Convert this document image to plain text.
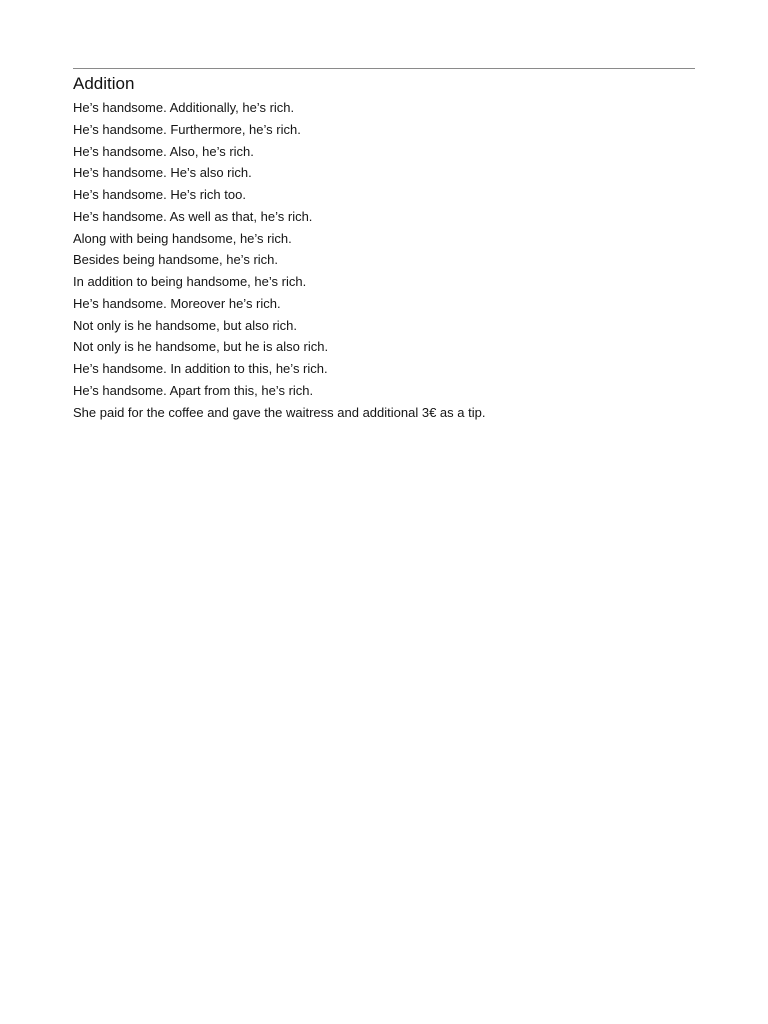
Addition
He’s handsome. Additionally, he’s rich.
He’s handsome. Furthermore, he’s rich.
He’s handsome. Also, he’s rich.
He’s handsome. He’s also rich.
He’s handsome. He’s rich too.
He’s handsome. As well as that, he’s rich.
Along with being handsome, he’s rich.
Besides being handsome, he’s rich.
In addition to being handsome, he’s rich.
He’s handsome. Moreover he’s rich.
Not only is he handsome, but also rich.
Not only is he handsome, but he is also rich.
He’s handsome. In addition to this, he’s rich.
He’s handsome. Apart from this, he’s rich.
She paid for the coffee and gave the waitress and additional 3€ as a tip.
